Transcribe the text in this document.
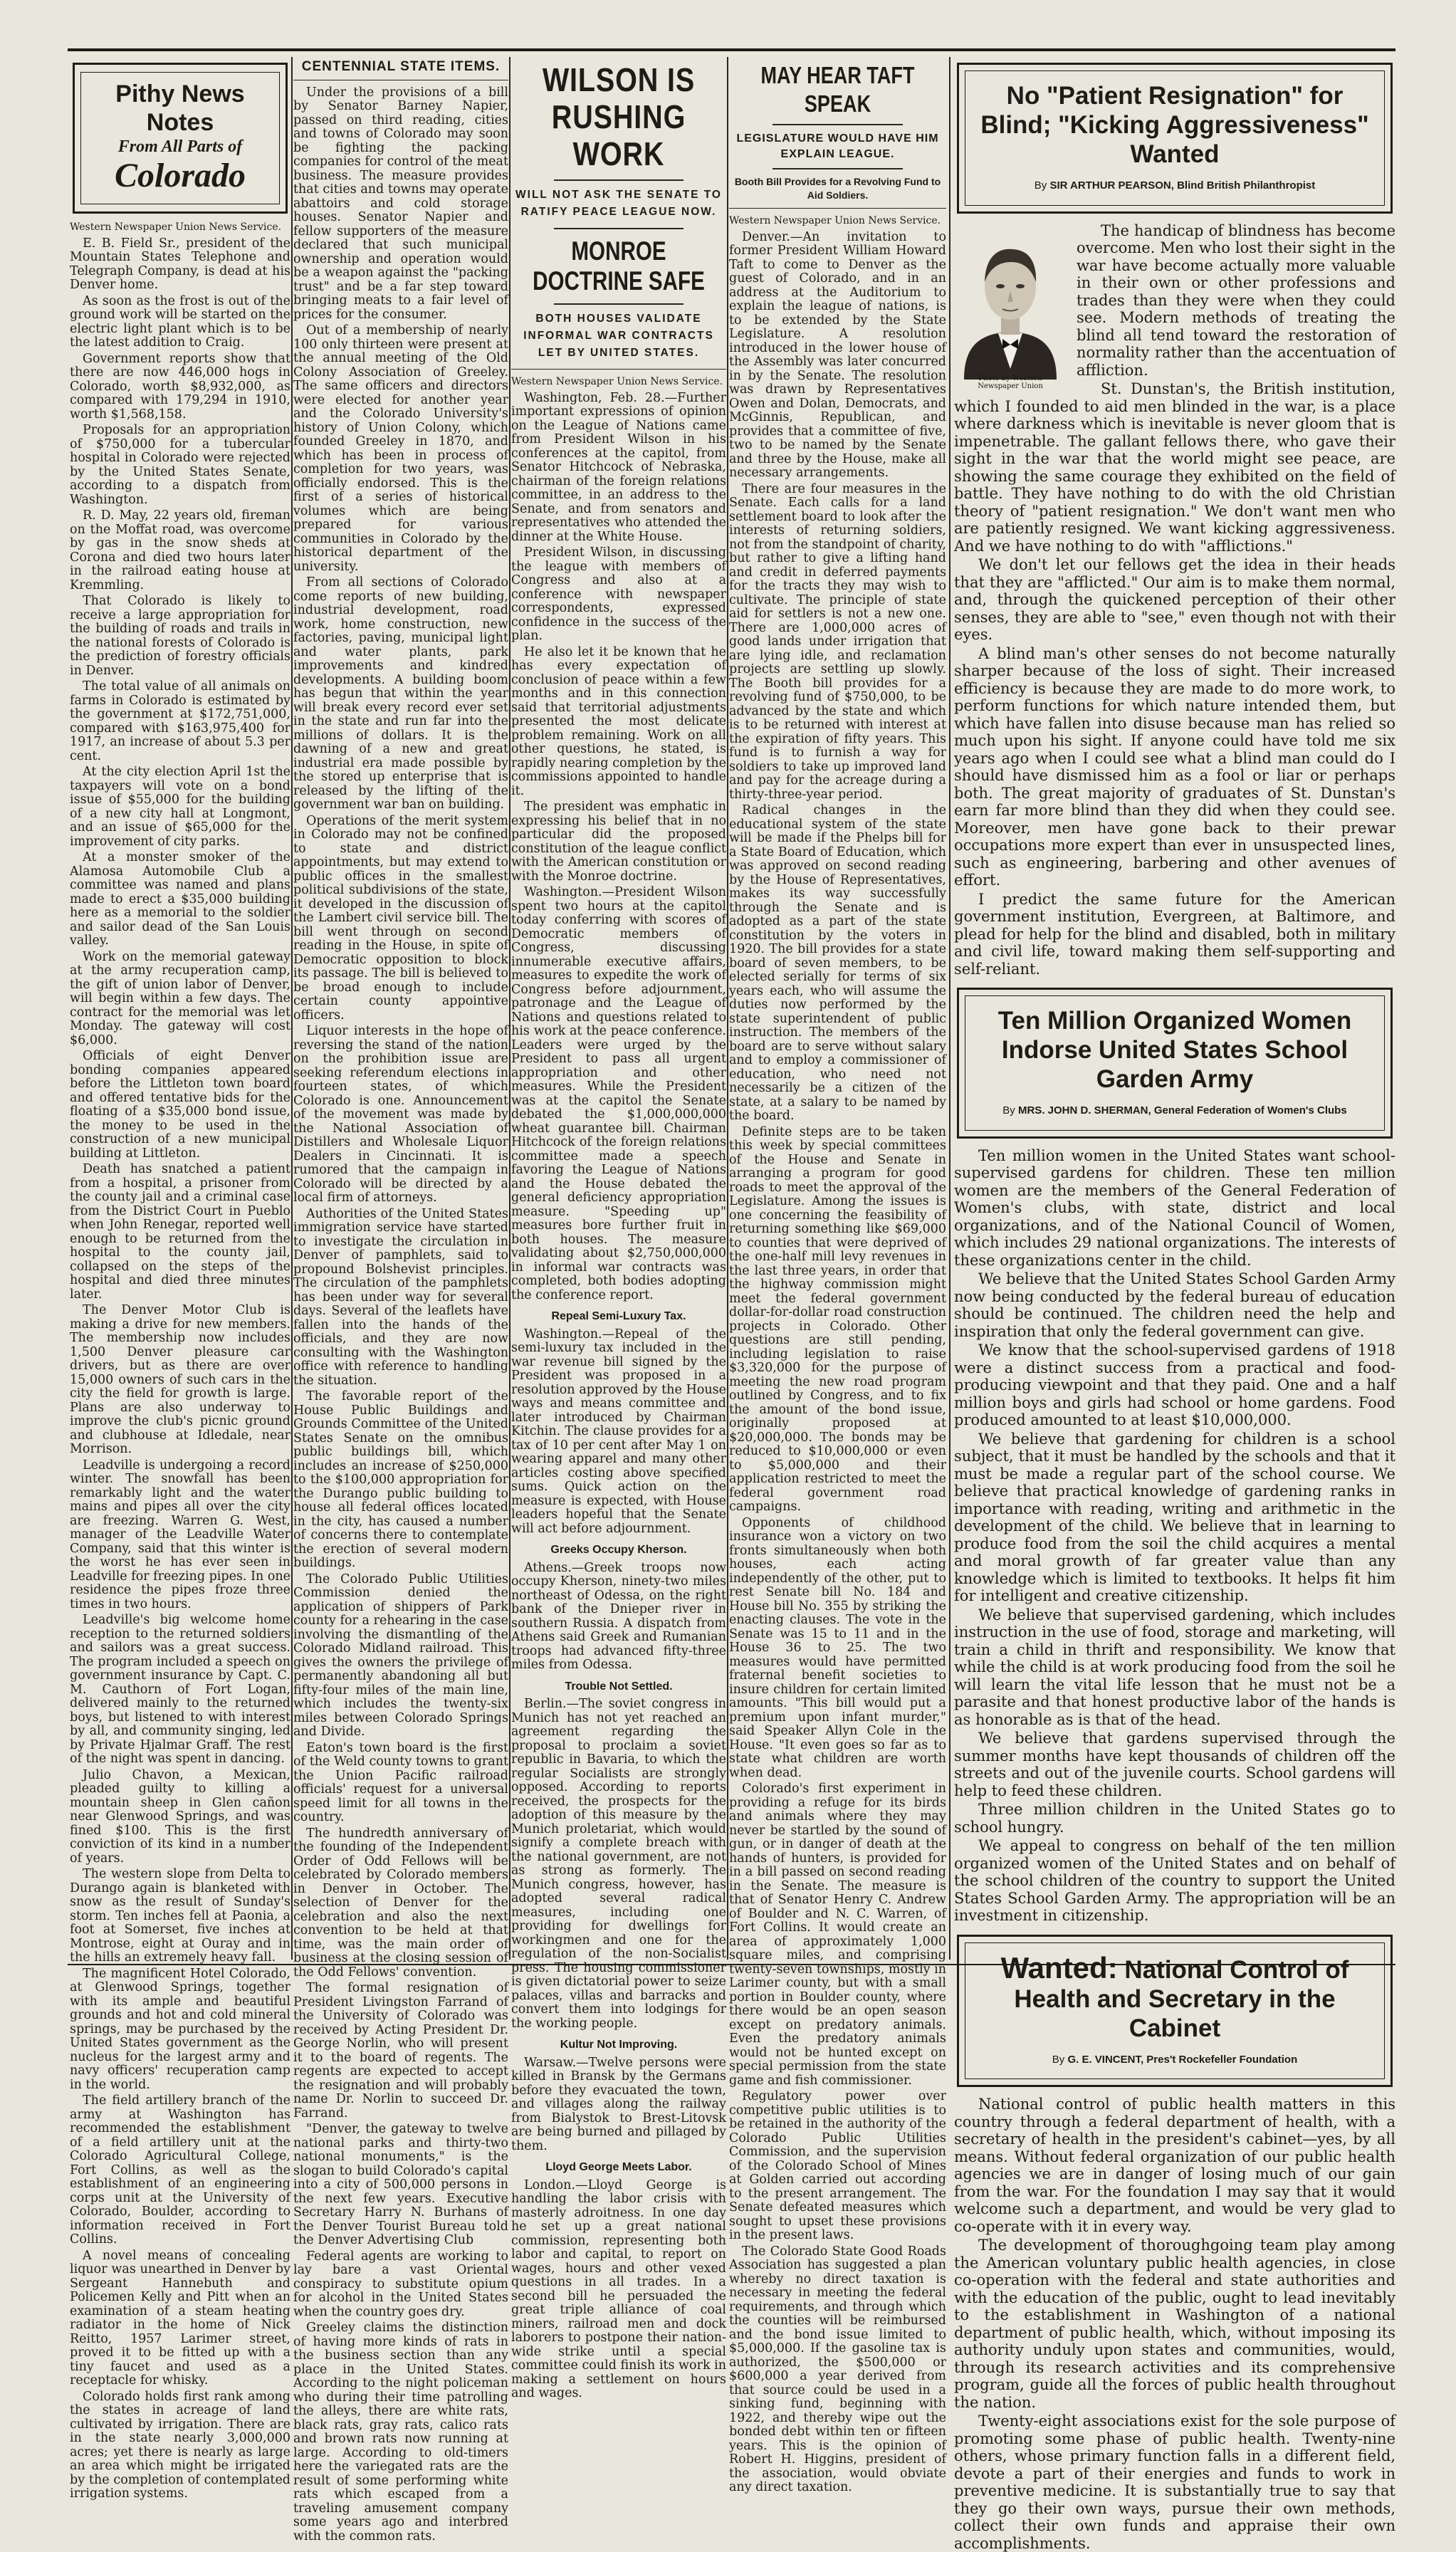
Pithy News Notes
From All Parts of
Colorado

Western Newspaper Union News Service.

E. B. Field Sr., president of the Mountain States Telephone and Telegraph Company, is dead at his Denver home.

As soon as the frost is out of the ground work will be started on the electric light plant which is to be the latest addition to Craig.

Government reports show that there are now 446,000 hogs in Colorado, worth $8,932,000, as compared with 179,294 in 1910, worth $1,568,158.

Proposals for an appropriation of $750,000 for a tubercular hospital in Colorado were rejected by the United States Senate, according to a dispatch from Washington.

R. D. May, 22 years old, fireman on the Moffat road, was overcome by gas in the snow sheds at Corona and died two hours later in the railroad eating house at Kremmling.

That Colorado is likely to receive a large appropriation for the building of roads and trails in the national forests of Colorado is the prediction of forestry officials in Denver.

The total value of all animals on farms in Colorado is estimated by the government at $172,751,000, compared with $163,975,400 for 1917, an increase of about 5.3 per cent.

At the city election April 1st the taxpayers will vote on a bond issue of $55,000 for the building of a new city hall at Longmont, and an issue of $65,000 for the improvement of city parks.

At a monster smoker of the Alamosa Automobile Club a committee was named and plans made to erect a $35,000 building here as a memorial to the soldier and sailor dead of the San Louis valley.

Work on the memorial gateway at the army recuperation camp, the gift of union labor of Denver, will begin within a few days. The contract for the memorial was let Monday. The gateway will cost $6,000.

Officials of eight Denver bonding companies appeared before the Littleton town board and offered tentative bids for the floating of a $35,000 bond issue, the money to be used in the construction of a new municipal building at Littleton.

Death has snatched a patient from a hospital, a prisoner from the county jail and a criminal case from the District Court in Pueblo when John Renegar, reported well enough to be returned from the hospital to the county jail, collapsed on the steps of the hospital and died three minutes later.

The Denver Motor Club is making a drive for new members. The membership now includes 1,500 Denver pleasure car drivers, but as there are over 15,000 owners of such cars in the city the field for growth is large. Plans are also underway to improve the club's picnic ground and clubhouse at Idledale, near Morrison.

Leadville is undergoing a record winter. The snowfall has been remarkably light and the water mains and pipes all over the city are freezing. Warren G. West, manager of the Leadville Water Company, said that this winter is the worst he has ever seen in Leadville for freezing pipes. In one residence the pipes froze three times in two hours.

Leadville's big welcome home reception to the returned soldiers and sailors was a great success. The program included a speech on government insurance by Capt. C. M. Cauthorn of Fort Logan, delivered mainly to the returned boys, but listened to with interest by all, and community singing, led by Private Hjalmar Graff. The rest of the night was spent in dancing.

Julio Chavon, a Mexican, pleaded guilty to killing a mountain sheep in Glen cañon near Glenwood Springs, and was fined $100. This is the first conviction of its kind in a number of years.

The western slope from Delta to Durango again is blanketed with snow as the result of Sunday's storm. Ten inches fell at Paonia, a foot at Somerset, five inches at Montrose, eight at Ouray and in the hills an extremely heavy fall.

The magnificent Hotel Colorado, at Glenwood Springs, together with its ample and beautiful grounds and hot and cold mineral springs, may be purchased by the United States government as the nucleus for the largest army and navy officers' recuperation camp in the world.

The field artillery branch of the army at Washington has recommended the establishment of a field artillery unit at the Colorado Agricultural College, Fort Collins, as well as the establishment of an engineering corps unit at the University of Colorado, Boulder, according to information received in Fort Collins.

A novel means of concealing liquor was unearthed in Denver by Sergeant Hannebuth and Policemen Kelly and Pitt when an examination of a steam heating radiator in the home of Nick Reitto, 1957 Larimer street, proved it to be fitted up with a tiny faucet and used as a receptacle for whisky.

Colorado holds first rank among the states in acreage of land cultivated by irrigation. There are in the state nearly 3,000,000 acres; yet there is nearly as large an area which might be irrigated by the completion of contemplated irrigation systems.

CENTENNIAL STATE ITEMS.

Under the provisions of a bill by Senator Barney Napier, passed on third reading, cities and towns of Colorado may soon be fighting the packing companies for control of the meat business. The measure provides that cities and towns may operate abattoirs and cold storage houses. Senator Napier and fellow supporters of the measure declared that such municipal ownership and operation would be a weapon against the "packing trust" and be a far step toward bringing meats to a fair level of prices for the consumer.

Out of a membership of nearly 100 only thirteen were present at the annual meeting of the Old Colony Association of Greeley. The same officers and directors were elected for another year and the Colorado University's history of Union Colony, which founded Greeley in 1870, and which has been in process of completion for two years, was officially endorsed. This is the first of a series of historical volumes which are being prepared for various communities in Colorado by the historical department of the university.

From all sections of Colorado come reports of new building, industrial development, road work, home construction, new factories, paving, municipal light and water plants, park improvements and kindred developments. A building boom has begun that within the year will break every record ever set in the state and run far into the millions of dollars. It is the dawning of a new and great industrial era made possible by the stored up enterprise that is released by the lifting of the government war ban on building.

Operations of the merit system in Colorado may not be confined to state and district appointments, but may extend to public offices in the smallest political subdivisions of the state, it developed in the discussion of the Lambert civil service bill. The bill went through on second reading in the House, in spite of Democratic opposition to block its passage. The bill is believed to be broad enough to include certain county appointive officers.

Liquor interests in the hope of reversing the stand of the nation on the prohibition issue are seeking referendum elections in fourteen states, of which Colorado is one. Announcement of the movement was made by the National Association of Distillers and Wholesale Liquor Dealers in Cincinnati. It is rumored that the campaign in Colorado will be directed by a local firm of attorneys.

Authorities of the United States immigration service have started to investigate the circulation in Denver of pamphlets, said to propound Bolshevist principles. The circulation of the pamphlets has been under way for several days. Several of the leaflets have fallen into the hands of the officials, and they are now consulting with the Washington office with reference to handling the situation.

The favorable report of the House Public Buildings and Grounds Committee of the United States Senate on the omnibus public buildings bill, which includes an increase of $250,000 to the $100,000 appropriation for the Durango public building to house all federal offices located in the city, has caused a number of concerns there to contemplate the erection of several modern buildings.

The Colorado Public Utilities Commission denied the application of shippers of Park county for a rehearing in the case involving the dismantling of the Colorado Midland railroad. This gives the owners the privilege of permanently abandoning all but fifty-four miles of the main line, which includes the twenty-six miles between Colorado Springs and Divide.

Eaton's town board is the first of the Weld county towns to grant the Union Pacific railroad officials' request for a universal speed limit for all towns in the country.

The hundredth anniversary of the founding of the Independent Order of Odd Fellows will be celebrated by Colorado members in Denver in October. The selection of Denver for the celebration and also the next convention to be held at that time, was the main order of business at the closing session of the Odd Fellows' convention.

The formal resignation of President Livingston Farrand of the University of Colorado was received by Acting President Dr. George Norlin, who will present it to the board of regents. The regents are expected to accept the resignation and will probably name Dr. Norlin to succeed Dr. Farrand.

"Denver, the gateway to twelve national parks and thirty-two national monuments," is the slogan to build Colorado's capital into a city of 500,000 persons in the next few years. Executive Secretary Harry N. Burhans of the Denver Tourist Bureau told the Denver Advertising Club

Federal agents are working to lay bare a vast Oriental conspiracy to substitute opium for alcohol in the United States when the country goes dry.

Greeley claims the distinction of having more kinds of rats in the business section than any place in the United States. According to the night policeman who during their time patrolling the alleys, there are white rats, black rats, gray rats, calico rats and brown rats now running at large. According to old-timers here the variegated rats are the result of some performing white rats which escaped from a traveling amusement company some years ago and interbred with the common rats.

WILSON IS RUSHING WORK
WILL NOT ASK THE SENATE TO RATIFY PEACE LEAGUE NOW.
MONROE DOCTRINE SAFE
BOTH HOUSES VALIDATE INFORMAL WAR CONTRACTS LET BY UNITED STATES.

Western Newspaper Union News Service.

Washington, Feb. 28.—Further important expressions of opinion on the League of Nations came from President Wilson in his conferences at the capitol, from Senator Hitchcock of Nebraska, chairman of the foreign relations committee, in an address to the Senate, and from senators and representatives who attended the dinner at the White House.

President Wilson, in discussing the league with members of Congress and also at a conference with newspaper correspondents, expressed confidence in the success of the plan.

He also let it be known that he has every expectation of conclusion of peace within a few months and in this connection said that territorial adjustments presented the most delicate problem remaining. Work on all other questions, he stated, is rapidly nearing completion by the commissions appointed to handle it.

The president was emphatic in expressing his belief that in no particular did the proposed constitution of the league conflict with the American constitution or with the Monroe doctrine.

Washington.—President Wilson spent two hours at the capitol today conferring with scores of Democratic members of Congress, discussing innumerable executive affairs, measures to expedite the work of Congress before adjournment, patronage and the League of Nations and questions related to his work at the peace conference. Leaders were urged by the President to pass all urgent appropriation and other measures. While the President was at the capitol the Senate debated the $1,000,000,000 wheat guarantee bill. Chairman Hitchcock of the foreign relations committee made a speech favoring the League of Nations and the House debated the general deficiency appropriation measure. "Speeding up" measures bore further fruit in both houses. The measure validating about $2,750,000,000 in informal war contracts was completed, both bodies adopting the conference report.

Repeal Semi-Luxury Tax.

Washington.—Repeal of the semi-luxury tax included in the war revenue bill signed by the President was proposed in a resolution approved by the House ways and means committee and later introduced by Chairman Kitchin. The clause provides for a tax of 10 per cent after May 1 on wearing apparel and many other articles costing above specified sums. Quick action on the measure is expected, with House leaders hopeful that the Senate will act before adjournment.

Greeks Occupy Kherson.

Athens.—Greek troops now occupy Kherson, ninety-two miles northeast of Odessa, on the right bank of the Dnieper river in southern Russia. A dispatch from Athens said Greek and Rumanian troops had advanced fifty-three miles from Odessa.

Trouble Not Settled.

Berlin.—The soviet congress in Munich has not yet reached an agreement regarding the proposal to proclaim a soviet republic in Bavaria, to which the regular Socialists are strongly opposed. According to reports received, the prospects for the adoption of this measure by the Munich proletariat, which would signify a complete breach with the national government, are not as strong as formerly. The Munich congress, however, has adopted several radical measures, including one providing for dwellings for workingmen and one for the regulation of the non-Socialist press. The housing commissioner is given dictatorial power to seize palaces, villas and barracks and convert them into lodgings for the working people.

Kultur Not Improving.

Warsaw.—Twelve persons were killed in Bransk by the Germans before they evacuated the town, and villages along the railway from Bialystok to Brest-Litovsk are being burned and pillaged by them.

Lloyd George Meets Labor.

London.—Lloyd George is handling the labor crisis with masterly adroitness. In one day he set up a great national commission, representing both labor and capital, to report on wages, hours and other vexed questions in all trades. In a second bill he persuaded the great triple alliance of coal miners, railroad men and dock laborers to postpone their nation-wide strike until a special committee could finish its work in making a settlement on hours and wages.

MAY HEAR TAFT SPEAK
LEGISLATURE WOULD HAVE HIM EXPLAIN LEAGUE.
Booth Bill Provides for a Revolving Fund to Aid Soldiers.

Western Newspaper Union News Service.

Denver.—An invitation to former President William Howard Taft to come to Denver as the guest of Colorado, and in an address at the Auditorium to explain the league of nations, is to be extended by the State Legislature. A resolution introduced in the lower house of the Assembly was later concurred in by the Senate. The resolution was drawn by Representatives Owen and Dolan, Democrats, and McGinnis, Republican, and provides that a committee of five, two to be named by the Senate and three by the House, make all necessary arrangements.

There are four measures in the Senate. Each calls for a land settlement board to look after the interests of returning soldiers, not from the standpoint of charity, but rather to give a lifting hand and credit in deferred payments for the tracts they may wish to cultivate. The principle of state aid for settlers is not a new one. There are 1,000,000 acres of good lands under irrigation that are lying idle, and reclamation projects are settling up slowly. The Booth bill provides for a revolving fund of $750,000, to be advanced by the state and which is to be returned with interest at the expiration of fifty years. This fund is to furnish a way for soldiers to take up improved land and pay for the acreage during a thirty-three-year period.

Radical changes in the educational system of the state will be made if the Phelps bill for a State Board of Education, which was approved on second reading by the House of Representatives, makes its way successfully through the Senate and is adopted as a part of the state constitution by the voters in 1920. The bill provides for a state board of seven members, to be elected serially for terms of six years each, who will assume the duties now performed by the state superintendent of public instruction. The members of the board are to serve without salary and to employ a commissioner of education, who need not necessarily be a citizen of the state, at a salary to be named by the board.

Definite steps are to be taken this week by special committees of the House and Senate in arranging a program for good roads to meet the approval of the Legislature. Among the issues is one concerning the feasibility of returning something like $69,000 to counties that were deprived of the one-half mill levy revenues in the last three years, in order that the highway commission might meet the federal government dollar-for-dollar road construction projects in Colorado. Other questions are still pending, including legislation to raise $3,320,000 for the purpose of meeting the new road program outlined by Congress, and to fix the amount of the bond issue, originally proposed at $20,000,000. The bonds may be reduced to $10,000,000 or even to $5,000,000 and their application restricted to meet the federal government road campaigns.

Opponents of childhood insurance won a victory on two fronts simultaneously when both houses, each acting independently of the other, put to rest Senate bill No. 184 and House bill No. 355 by striking the enacting clauses. The vote in the Senate was 15 to 11 and in the House 36 to 25. The two measures would have permitted fraternal benefit societies to insure children for certain limited amounts. "This bill would put a premium upon infant murder," said Speaker Allyn Cole in the House. "It even goes so far as to state what children are worth when dead.

Colorado's first experiment in providing a refuge for its birds and animals where they may never be startled by the sound of gun, or in danger of death at the hands of hunters, is provided for in a bill passed on second reading in the Senate. The measure is that of Senator Henry C. Andrew of Boulder and N. C. Warren, of Fort Collins. It would create an area of approximately 1,000 square miles, and comprising twenty-seven townships, mostly in Larimer county, but with a small portion in Boulder county, where there would be an open season except on predatory animals. Even the predatory animals would not be hunted except on special permission from the state game and fish commissioner.

Regulatory power over competitive public utilities is to be retained in the authority of the Colorado Public Utilities Commission, and the supervision of the Colorado School of Mines at Golden carried out according to the present arrangement. The Senate defeated measures which sought to upset these provisions in the present laws.

The Colorado State Good Roads Association has suggested a plan whereby no direct taxation is necessary in meeting the federal requirements, and through which the counties will be reimbursed and the bond issue limited to $5,000,000. If the gasoline tax is authorized, the $500,000 or $600,000 a year derived from that source could be used in a sinking fund, beginning with 1922, and thereby wipe out the bonded debt within ten or fifteen years. This is the opinion of Robert H. Higgins, president of the association, would obviate any direct taxation.

No "Patient Resignation" for Blind; "Kicking Aggressiveness" Wanted
By SIR ARTHUR PEARSON, Blind British Philanthropist
Photo by Western Newspaper Union

The handicap of blindness has become overcome. Men who lost their sight in the war have become actually more valuable in their own or other professions and trades than they were when they could see. Modern methods of treating the blind all tend toward the restoration of normality rather than the accentuation of affliction.

St. Dunstan's, the British institution, which I founded to aid men blinded in the war, is a place where darkness which is inevitable is never gloom that is impenetrable. The gallant fellows there, who gave their sight in the war that the world might see peace, are showing the same courage they exhibited on the field of battle. They have nothing to do with the old Christian theory of "patient resignation." We don't want men who are patiently resigned. We want kicking aggressiveness. And we have nothing to do with "afflictions."

We don't let our fellows get the idea in their heads that they are "afflicted." Our aim is to make them normal, and, through the quickened perception of their other senses, they are able to "see," even though not with their eyes.

A blind man's other senses do not become naturally sharper because of the loss of sight. Their increased efficiency is because they are made to do more work, to perform functions for which nature intended them, but which have fallen into disuse because man has relied so much upon his sight. If anyone could have told me six years ago when I could see what a blind man could do I should have dismissed him as a fool or liar or perhaps both. The great majority of graduates of St. Dunstan's earn far more blind than they did when they could see. Moreover, men have gone back to their prewar occupations more expert than ever in unsuspected lines, such as engineering, barbering and other avenues of effort.

I predict the same future for the American government institution, Evergreen, at Baltimore, and plead for help for the blind and disabled, both in military and civil life, toward making them self-supporting and self-reliant.

Ten Million Organized Women Indorse United States School Garden Army
By MRS. JOHN D. SHERMAN, General Federation of Women's Clubs

Ten million women in the United States want school-supervised gardens for children. These ten million women are the members of the General Federation of Women's clubs, with state, district and local organizations, and of the National Council of Women, which includes 29 national organizations. The interests of these organizations center in the child.

We believe that the United States School Garden Army now being conducted by the federal bureau of education should be continued. The children need the help and inspiration that only the federal government can give.

We know that the school-supervised gardens of 1918 were a distinct success from a practical and food-producing viewpoint and that they paid. One and a half million boys and girls had school or home gardens. Food produced amounted to at least $10,000,000.

We believe that gardening for children is a school subject, that it must be handled by the schools and that it must be made a regular part of the school course. We believe that practical knowledge of gardening ranks in importance with reading, writing and arithmetic in the development of the child. We believe that in learning to produce food from the soil the child acquires a mental and moral growth of far greater value than any knowledge which is limited to textbooks. It helps fit him for intelligent and creative citizenship.

We believe that supervised gardening, which includes instruction in the use of food, storage and marketing, will train a child in thrift and responsibility. We know that while the child is at work producing food from the soil he will learn the vital life lesson that he must not be a parasite and that honest productive labor of the hands is as honorable as is that of the head.

We believe that gardens supervised through the summer months have kept thousands of children off the streets and out of the juvenile courts. School gardens will help to feed these children.

Three million children in the United States go to school hungry.

We appeal to congress on behalf of the ten million organized women of the United States and on behalf of the school children of the country to support the United States School Garden Army. The appropriation will be an investment in citizenship.

Wanted: National Control of Health and Secretary in the Cabinet
By G. E. VINCENT, Pres't Rockefeller Foundation

National control of public health matters in this country through a federal department of health, with a secretary of health in the president's cabinet—yes, by all means. Without federal organization of our public health agencies we are in danger of losing much of our gain from the war. For the foundation I may say that it would welcome such a department, and would be very glad to co-operate with it in every way.

The development of thoroughgoing team play among the American voluntary public health agencies, in close co-operation with the federal and state authorities and with the education of the public, ought to lead inevitably to the establishment in Washington of a national department of public health, which, without imposing its authority unduly upon states and communities, would, through its research activities and its comprehensive program, guide all the forces of public health throughout the nation.

Twenty-eight associations exist for the sole purpose of promoting some phase of public health. Twenty-nine others, whose primary function falls in a different field, devote a part of their energies and funds to work in preventive medicine. It is substantially true to say that they go their own ways, pursue their own methods, collect their own funds and appraise their own accomplishments.
